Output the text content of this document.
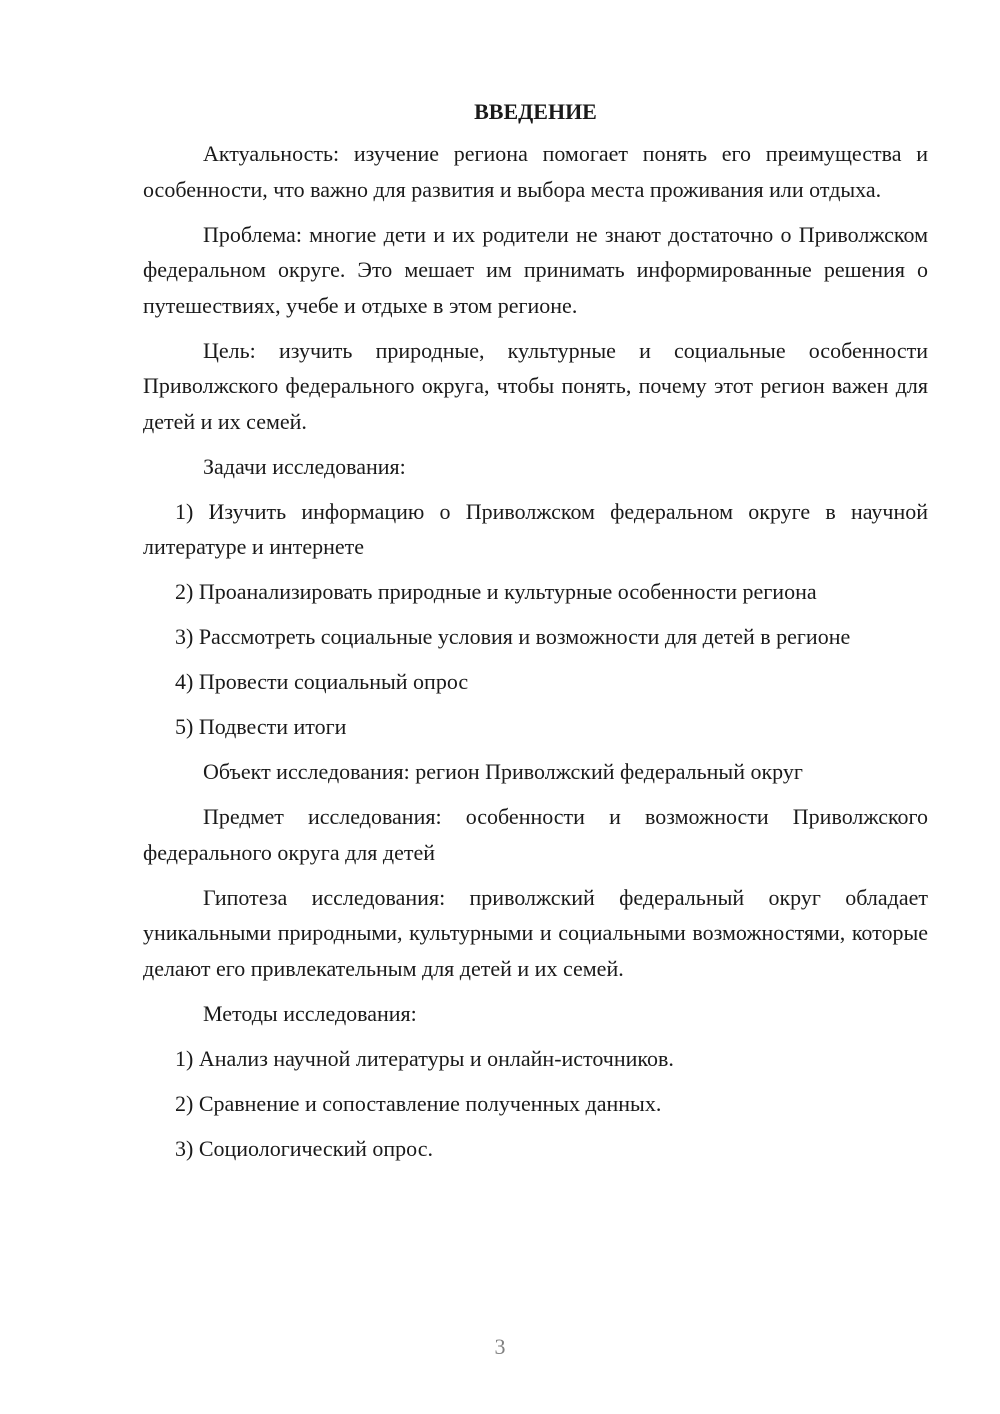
ВВЕДЕНИЕ

Актуальность: изучение региона помогает понять его преимущества и особенности, что важно для развития и выбора места проживания или отдыха.

Проблема: многие дети и их родители не знают достаточно о Приволжском федеральном округе. Это мешает им принимать информированные решения о путешествиях, учебе и отдыхе в этом регионе.

Цель: изучить природные, культурные и социальные особенности Приволжского федерального округа, чтобы понять, почему этот регион важен для детей и их семей.

Задачи исследования:

1) Изучить информацию о Приволжском федеральном округе в научной литературе и интернете

2) Проанализировать природные и культурные особенности региона

3) Рассмотреть социальные условия и возможности для детей в регионе

4) Провести социальный опрос

5) Подвести итоги

Объект исследования: регион Приволжский федеральный округ

Предмет исследования: особенности и возможности Приволжского федерального округа для детей

Гипотеза исследования: приволжский федеральный округ обладает уникальными природными, культурными и социальными возможностями, которые делают его привлекательным для детей и их семей.

Методы исследования:

1) Анализ научной литературы и онлайн-источников.

2) Сравнение и сопоставление полученных данных.

3) Социологический опрос.

3
